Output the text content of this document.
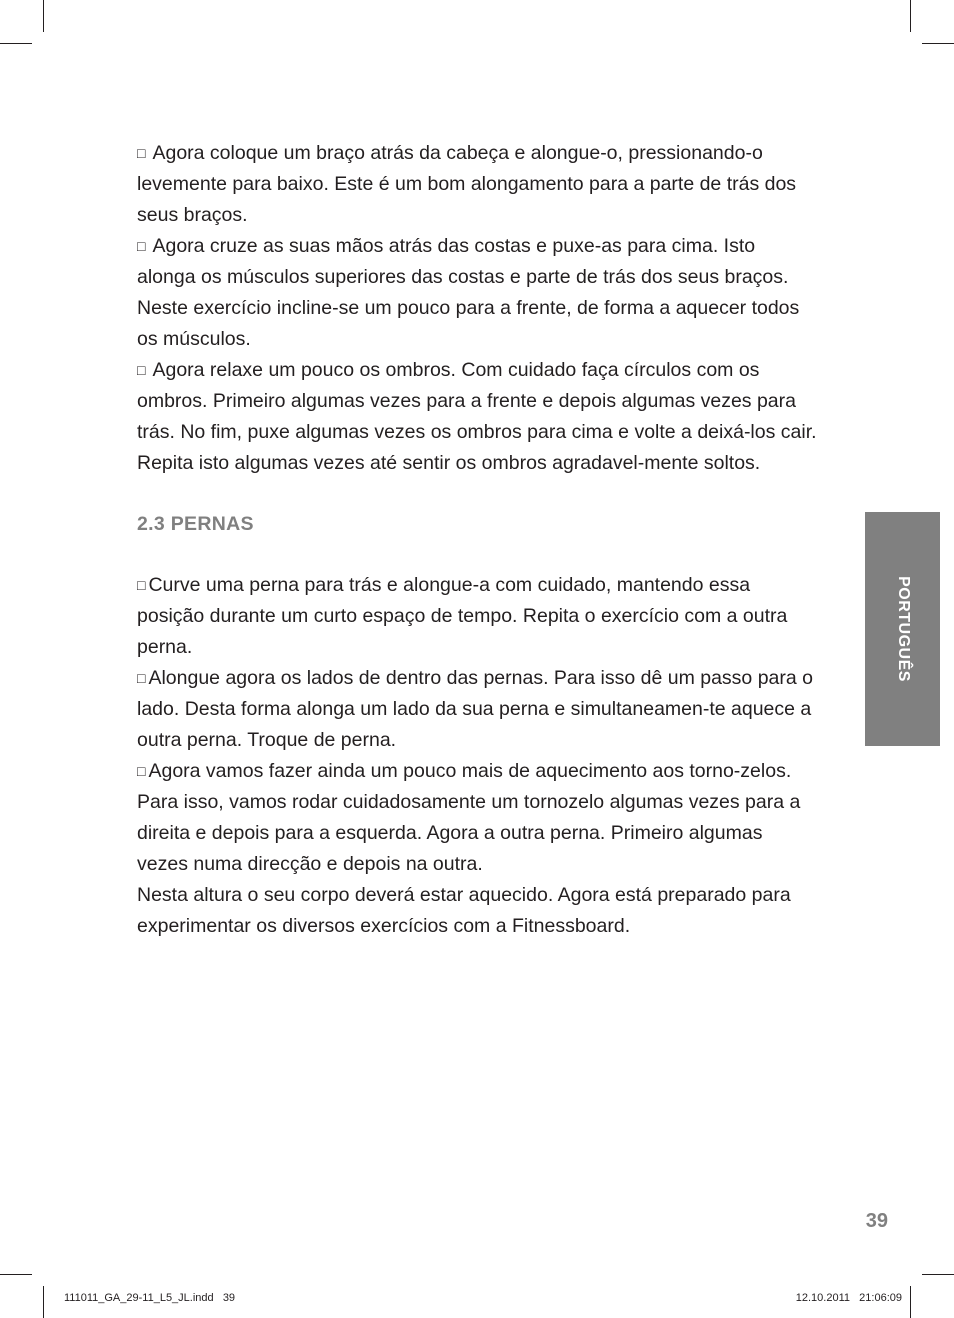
□ Agora coloque um braço atrás da cabeça e alongue-o, pressionando-o levemente para baixo. Este é um bom alongamento para a parte de trás dos seus braços.

□ Agora cruze as suas mãos atrás das costas e puxe-as para cima. Isto alonga os músculos superiores das costas e parte de trás dos seus braços. Neste exercício incline-se um pouco para a frente, de forma a aquecer todos os músculos.

□ Agora relaxe um pouco os ombros. Com cuidado faça círculos com os ombros. Primeiro algumas vezes para a frente e depois algumas vezes para trás. No fim, puxe algumas vezes os ombros para cima e volte a deixá-los cair. Repita isto algumas vezes até sentir os ombros agradavel-mente soltos.

2.3 PERNAS

□ Curve uma perna para trás e alongue-a com cuidado, mantendo essa posição durante um curto espaço de tempo. Repita o exercício com a outra perna.

□ Alongue agora os lados de dentro das pernas. Para isso dê um passo para o lado. Desta forma alonga um lado da sua perna e simultaneamen-te aquece a outra perna. Troque de perna.

□ Agora vamos fazer ainda um pouco mais de aquecimento aos torno-zelos. Para isso, vamos rodar cuidadosamente um tornozelo algumas vezes para a direita e depois para a esquerda. Agora a outra perna. Primeiro algumas vezes numa direcção e depois na outra.

Nesta altura o seu corpo deverá estar aquecido. Agora está preparado para experimentar os diversos exercícios com a Fitnessboard.

PORTUGUÊS
39
111011_GA_29-11_L5_JL.indd   39	12.10.2011   21:06:09
